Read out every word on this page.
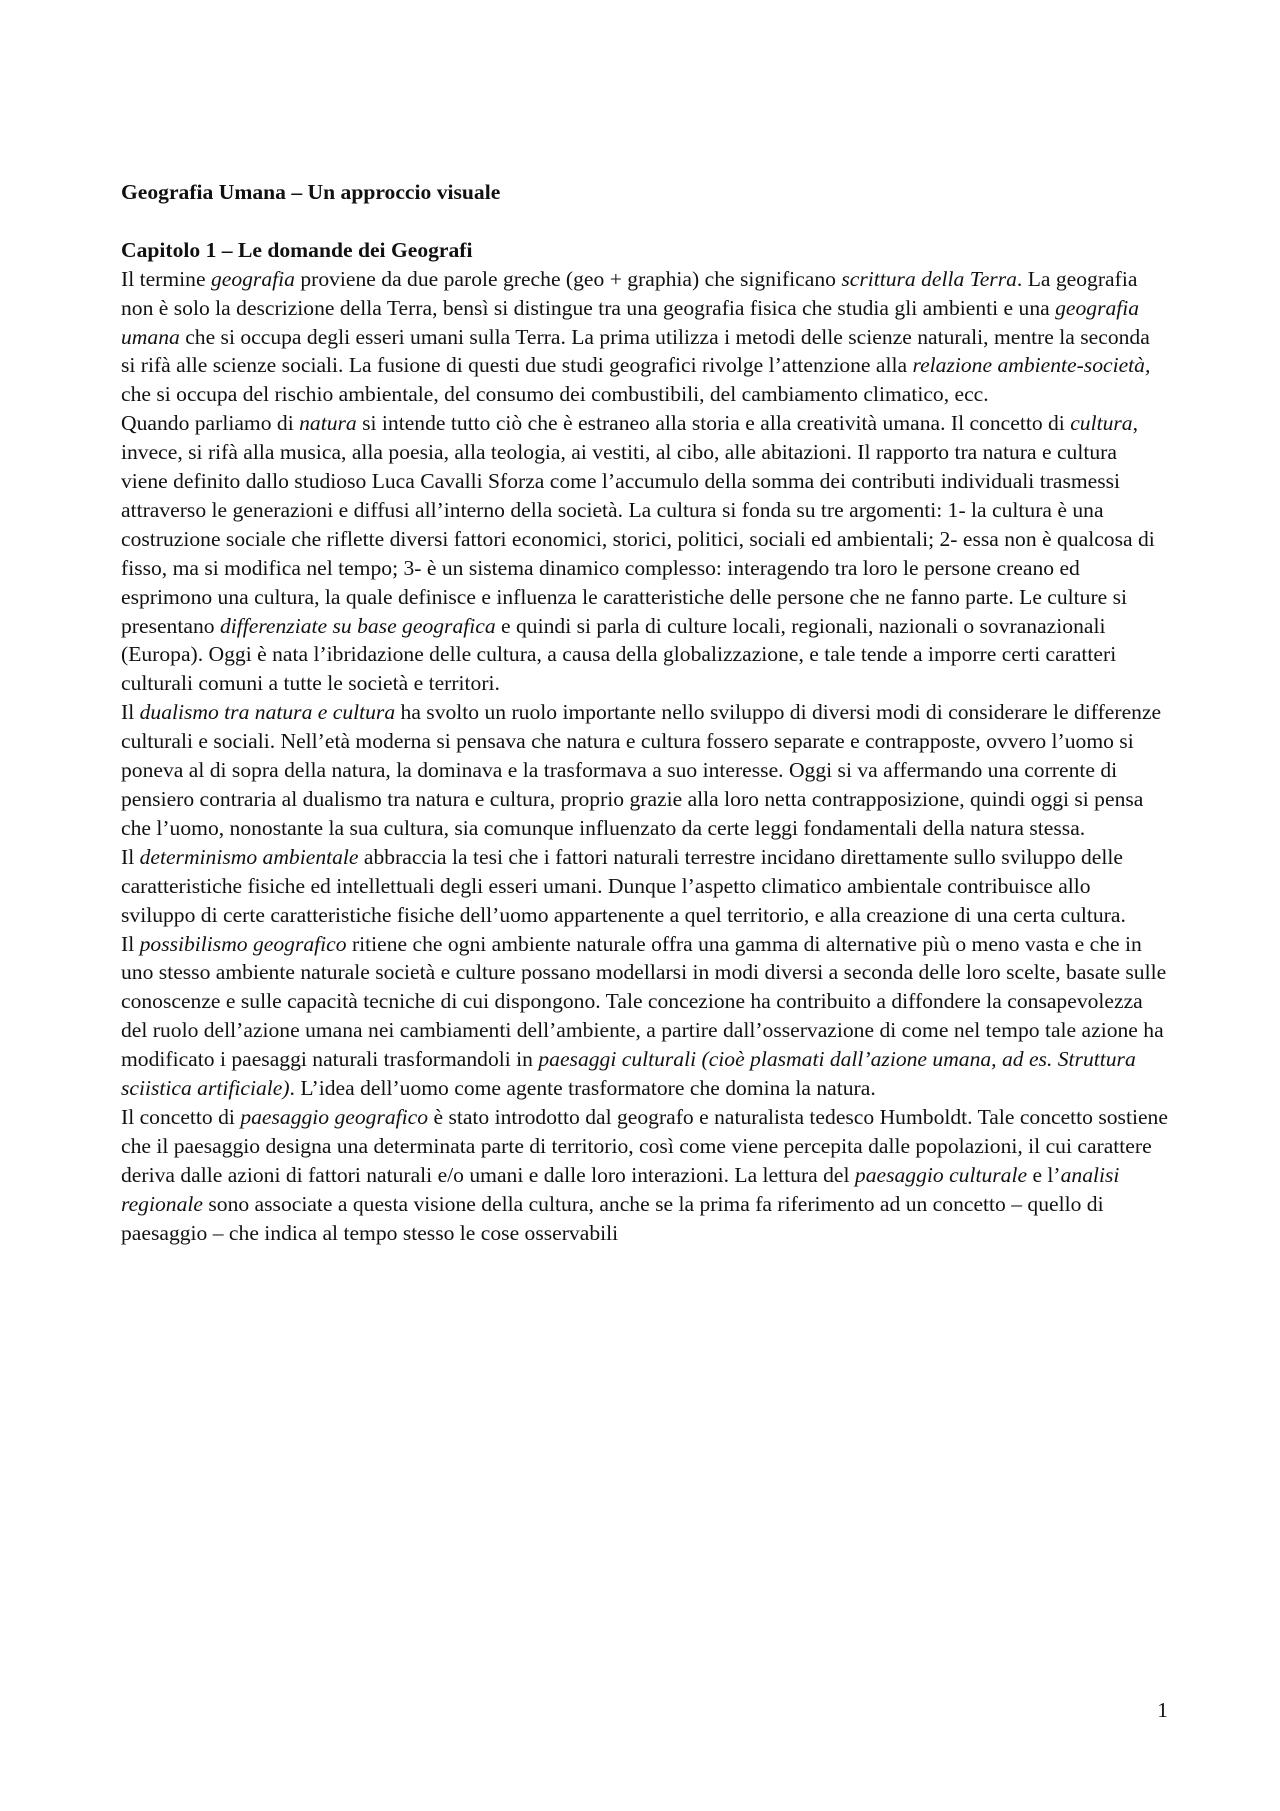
Geografia Umana – Un approccio visuale

Capitolo 1 – Le domande dei Geografi

Il termine geografia proviene da due parole greche (geo + graphia) che significano scrittura della Terra. La geografia non è solo la descrizione della Terra, bensì si distingue tra una geografia fisica che studia gli ambienti e una geografia umana che si occupa degli esseri umani sulla Terra. La prima utilizza i metodi delle scienze naturali, mentre la seconda si rifà alle scienze sociali. La fusione di questi due studi geografici rivolge l’attenzione alla relazione ambiente-società, che si occupa del rischio ambientale, del consumo dei combustibili, del cambiamento climatico, ecc.

Quando parliamo di natura si intende tutto ciò che è estraneo alla storia e alla creatività umana. Il concetto di cultura, invece, si rifà alla musica, alla poesia, alla teologia, ai vestiti, al cibo, alle abitazioni. Il rapporto tra natura e cultura viene definito dallo studioso Luca Cavalli Sforza come l’accumulo della somma dei contributi individuali trasmessi attraverso le generazioni e diffusi all’interno della società. La cultura si fonda su tre argomenti: 1- la cultura è una costruzione sociale che riflette diversi fattori economici, storici, politici, sociali ed ambientali; 2- essa non è qualcosa di fisso, ma si modifica nel tempo; 3- è un sistema dinamico complesso: interagendo tra loro le persone creano ed esprimono una cultura, la quale definisce e influenza le caratteristiche delle persone che ne fanno parte. Le culture si presentano differenziate su base geografica e quindi si parla di culture locali, regionali, nazionali o sovranazionali (Europa). Oggi è nata l’ibridazione delle cultura, a causa della globalizzazione, e tale tende a imporre certi caratteri culturali comuni a tutte le società e territori.

Il dualismo tra natura e cultura ha svolto un ruolo importante nello sviluppo di diversi modi di considerare le differenze culturali e sociali. Nell’età moderna si pensava che natura e cultura fossero separate e contrapposte, ovvero l’uomo si poneva al di sopra della natura, la dominava e la trasformava a suo interesse. Oggi si va affermando una corrente di pensiero contraria al dualismo tra natura e cultura, proprio grazie alla loro netta contrapposizione, quindi oggi si pensa che l’uomo, nonostante la sua cultura, sia comunque influenzato da certe leggi fondamentali della natura stessa.

Il determinismo ambientale abbraccia la tesi che i fattori naturali terrestre incidano direttamente sullo sviluppo delle caratteristiche fisiche ed intellettuali degli esseri umani. Dunque l’aspetto climatico ambientale contribuisce allo sviluppo di certe caratteristiche fisiche dell’uomo appartenente a quel territorio, e alla creazione di una certa cultura.

Il possibilismo geografico ritiene che ogni ambiente naturale offra una gamma di alternative più o meno vasta e che in uno stesso ambiente naturale società e culture possano modellarsi in modi diversi a seconda delle loro scelte, basate sulle conoscenze e sulle capacità tecniche di cui dispongono. Tale concezione ha contribuito a diffondere la consapevolezza del ruolo dell’azione umana nei cambiamenti dell’ambiente, a partire dall’osservazione di come nel tempo tale azione ha modificato i paesaggi naturali trasformandoli in paesaggi culturali (cioè plasmati dall’azione umana, ad es. Struttura sciistica artificiale). L’idea dell’uomo come agente trasformatore che domina la natura.

Il concetto di paesaggio geografico è stato introdotto dal geografo e naturalista tedesco Humboldt. Tale concetto sostiene che il paesaggio designa una determinata parte di territorio, così come viene percepita dalle popolazioni, il cui carattere deriva dalle azioni di fattori naturali e/o umani e dalle loro interazioni. La lettura del paesaggio culturale e l’analisi regionale sono associate a questa visione della cultura, anche se la prima fa riferimento ad un concetto – quello di paesaggio – che indica al tempo stesso le cose osservabili

1
